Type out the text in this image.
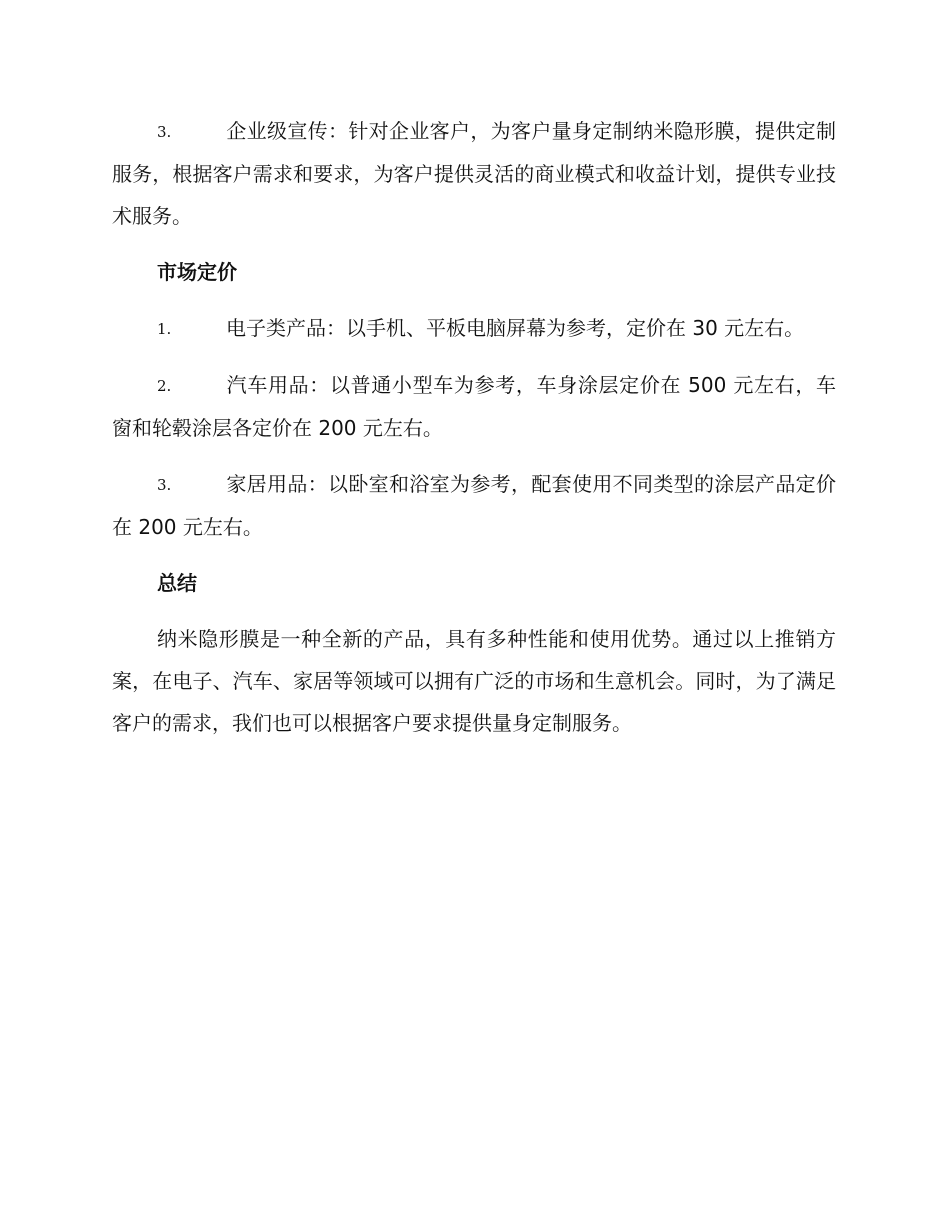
3.	企业级宣传：针对企业客户，为客户量身定制纳米隐形膜，提供定制服务，根据客户需求和要求，为客户提供灵活的商业模式和收益计划，提供专业技术服务。
市场定价
1.	电子类产品：以手机、平板电脑屏幕为参考，定价在 30 元左右。
2.	汽车用品：以普通小型车为参考，车身涂层定价在 500 元左右，车窗和轮毂涂层各定价在 200 元左右。
3.	家居用品：以卧室和浴室为参考，配套使用不同类型的涂层产品定价在 200 元左右。
总结

纳米隐形膜是一种全新的产品，具有多种性能和使用优势。通过以上推销方案，在电子、汽车、家居等领域可以拥有广泛的市场和生意机会。同时，为了满足客户的需求，我们也可以根据客户要求提供量身定制服务。
